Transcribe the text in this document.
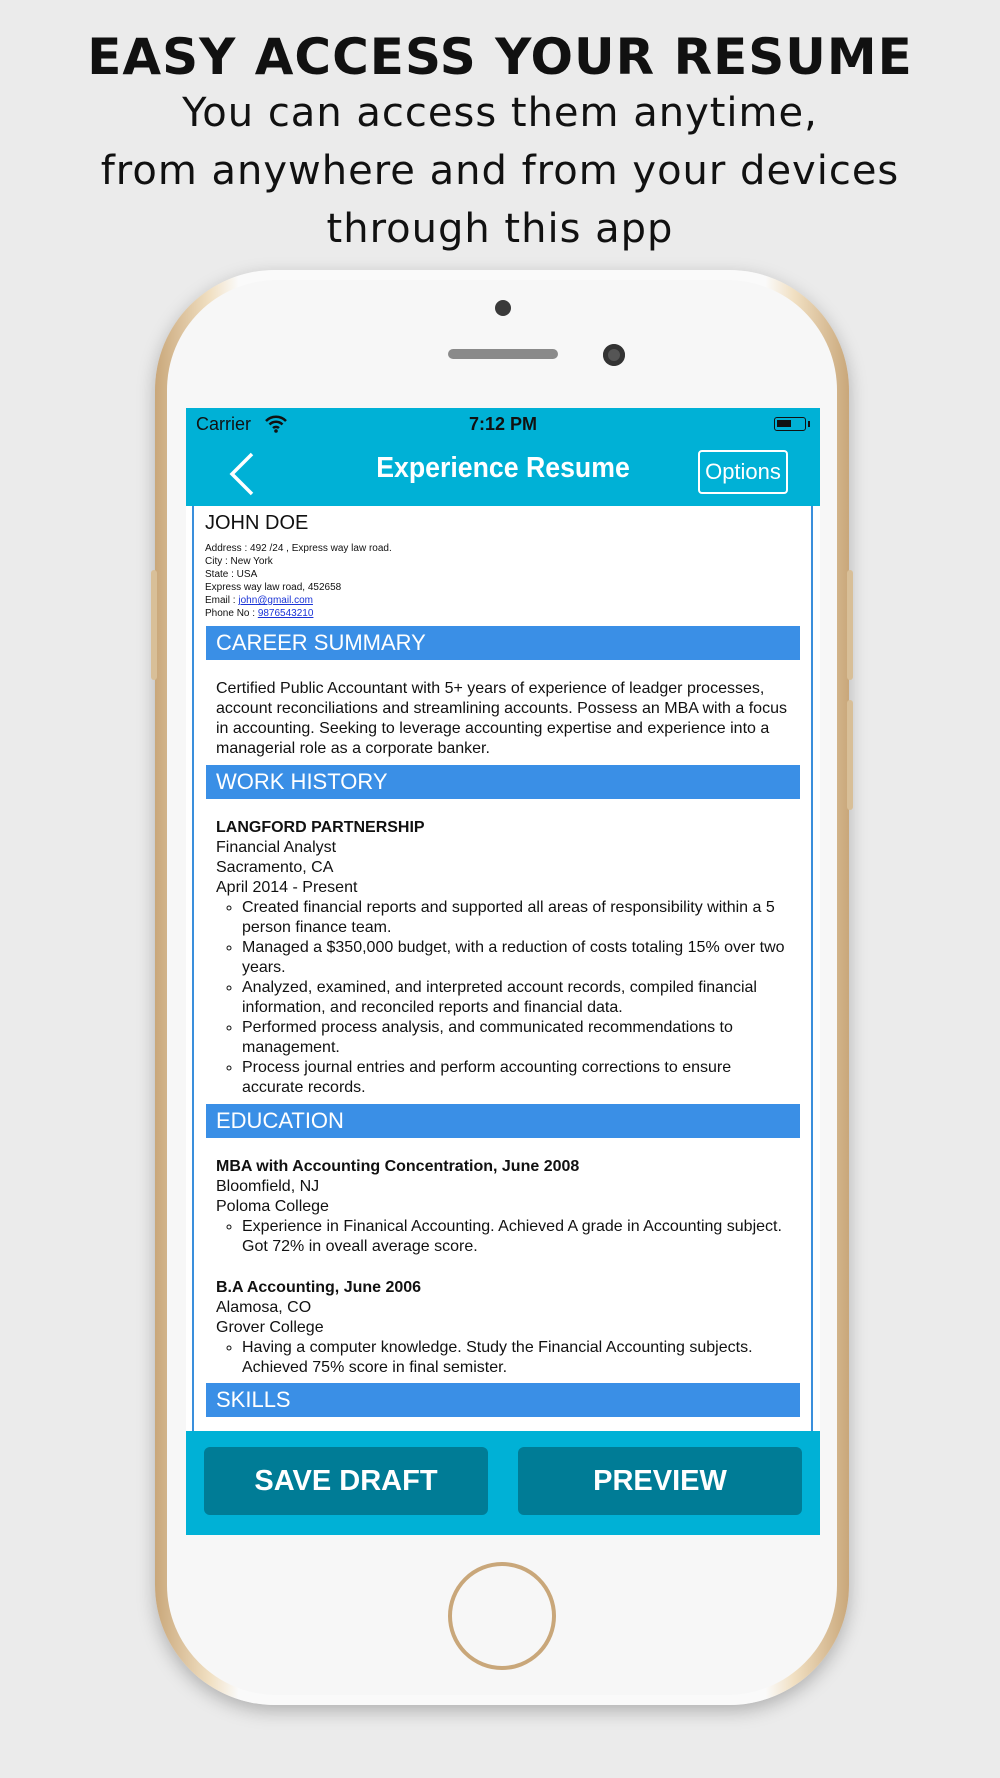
EASY ACCESS YOUR RESUME
You can access them anytime,
from anywhere and from your devices
through this app
Carrier	7:12 PM
Experience Resume	Options
JOHN DOE
Address : 492 /24 , Express way law road.
City : New York
State : USA
Express way law road, 452658
Email : john@gmail.com
Phone No : 9876543210
CAREER SUMMARY
Certified Public Accountant with 5+ years of experience of leadger processes, account reconciliations and streamlining accounts. Possess an MBA with a focus in accounting. Seeking to leverage accounting expertise and experience into a managerial role as a corporate banker.
WORK HISTORY
LANGFORD PARTNERSHIP
Financial Analyst
Sacramento, CA
April 2014 - Present
◦ Created financial reports and supported all areas of responsibility within a 5 person finance team.
◦ Managed a $350,000 budget, with a reduction of costs totaling 15% over two years.
◦ Analyzed, examined, and interpreted account records, compiled financial information, and reconciled reports and financial data.
◦ Performed process analysis, and communicated recommendations to management.
◦ Process journal entries and perform accounting corrections to ensure accurate records.
EDUCATION
MBA with Accounting Concentration, June 2008
Bloomfield, NJ
Poloma College
◦ Experience in Finanical Accounting. Achieved A grade in Accounting subject. Got 72% in oveall average score.
B.A Accounting, June 2006
Alamosa, CO
Grover College
◦ Having a computer knowledge. Study the Financial Accounting subjects. Achieved 75% score in final semister.
SKILLS
SAVE DRAFT	PREVIEW
